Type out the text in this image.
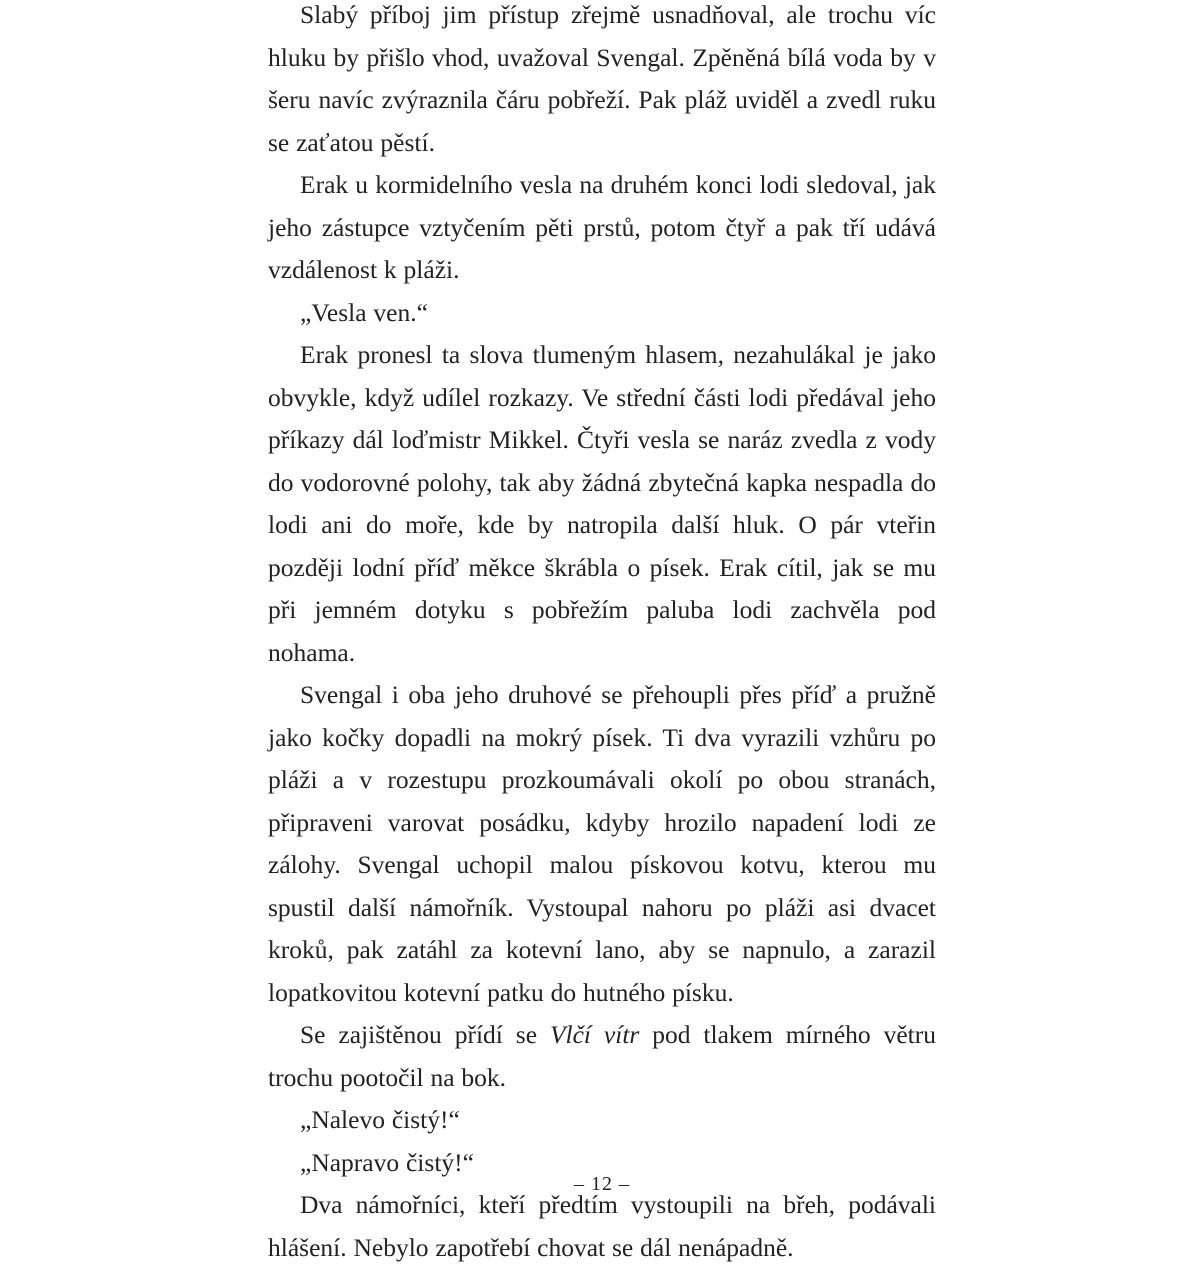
Slabý příboj jim přístup zřejmě usnadňoval, ale trochu víc hluku by přišlo vhod, uvažoval Svengal. Zpěněná bílá voda by v šeru navíc zvýraznila čáru pobřeží. Pak pláž uviděl a zvedl ruku se zaťatou pěstí.

Erak u kormidelního vesla na druhém konci lodi sledoval, jak jeho zástupce vztyčením pěti prstů, potom čtyř a pak tří udává vzdálenost k pláži.

„Vesla ven.“

Erak pronesl ta slova tlumeným hlasem, nezahulákal je jako obvykle, když udílel rozkazy. Ve střední části lodi předával jeho příkazy dál loďmistr Mikkel. Čtyři vesla se naráz zvedla z vody do vodorovné polohy, tak aby žádná zbytečná kapka nespadla do lodi ani do moře, kde by natropila další hluk. O pár vteřin později lodní příď měkce škrábla o písek. Erak cítil, jak se mu při jemném dotyku s pobřežím paluba lodi zachvěla pod nohama.

Svengal i oba jeho druhové se přehoupli přes příď a pružně jako kočky dopadli na mokrý písek. Ti dva vyrazili vzhůru po pláži a v rozestupu prozkoumávali okolí po obou stranách, připraveni varovat posádku, kdyby hrozilo napadení lodi ze zálohy. Svengal uchopil malou pískovou kotvu, kterou mu spustil další námořník. Vystoupal nahoru po pláži asi dvacet kroků, pak zatáhl za kotevní lano, aby se napnulo, a zarazil lopatkovitou kotevní patku do hutného písku.

Se zajištěnou přídí se Vlčí vítr pod tlakem mírného větru trochu pootočil na bok.

„Nalevo čistý!“

„Napravo čistý!“

Dva námořníci, kteří předtím vystoupili na břeh, podávali hlášení. Nebylo zapotřebí chovat se dál nenápadně.

– 12 –
